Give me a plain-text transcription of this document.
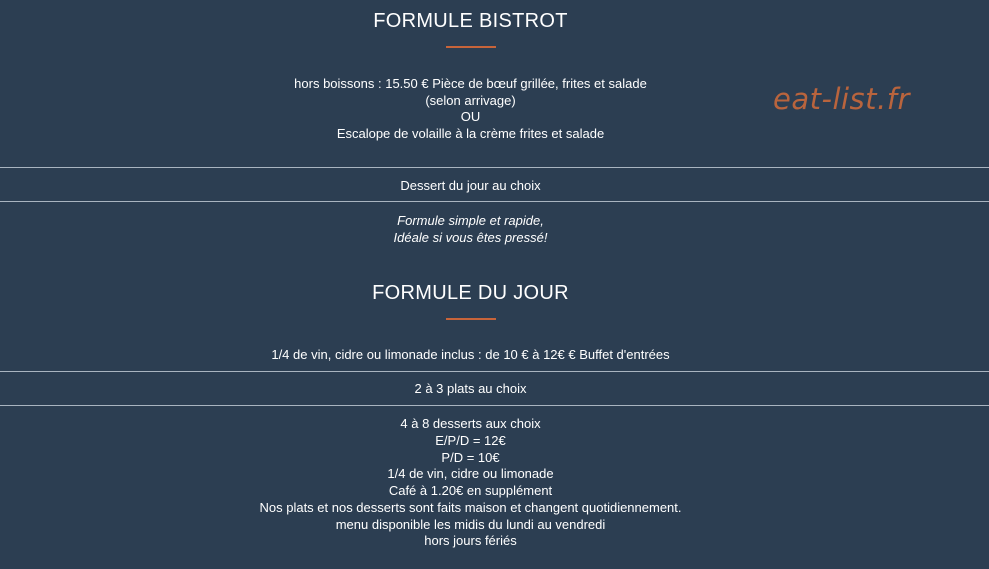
FORMULE BISTROT
hors boissons : 15.50 € Pièce de bœuf grillée, frites et salade
(selon arrivage)
OU
Escalope de volaille à la crème frites et salade
eat-list.fr
Dessert du jour au choix
Formule simple et rapide,
Idéale si vous êtes pressé!
FORMULE DU JOUR
1/4 de vin, cidre ou limonade inclus : de 10 € à 12€ € Buffet d'entrées
2 à 3 plats au choix
4 à 8 desserts aux choix
E/P/D = 12€
P/D = 10€
1/4 de vin, cidre ou limonade
Café à 1.20€ en supplément
Nos plats et nos desserts sont faits maison et changent quotidiennement.
menu disponible les midis du lundi au vendredi
hors jours fériés
